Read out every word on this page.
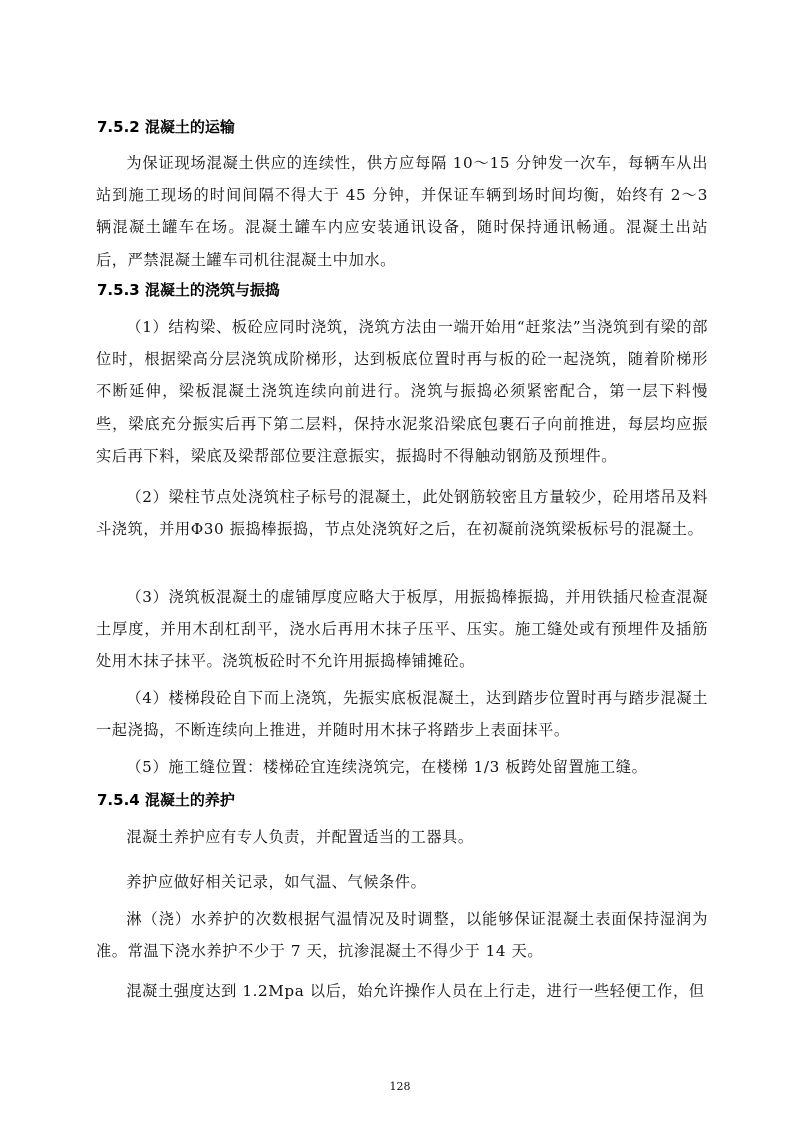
7.5.2 混凝土的运输

为保证现场混凝土供应的连续性，供方应每隔 10～15 分钟发一次车，每辆车从出站到施工现场的时间间隔不得大于 45 分钟，并保证车辆到场时间均衡，始终有 2～3 辆混凝土罐车在场。混凝土罐车内应安装通讯设备，随时保持通讯畅通。混凝土出站后，严禁混凝土罐车司机往混凝土中加水。

7.5.3 混凝土的浇筑与振捣

（1）结构梁、板砼应同时浇筑，浇筑方法由一端开始用“赶浆法”当浇筑到有梁的部位时，根据梁高分层浇筑成阶梯形，达到板底位置时再与板的砼一起浇筑，随着阶梯形不断延伸，梁板混凝土浇筑连续向前进行。浇筑与振捣必须紧密配合，第一层下料慢些，梁底充分振实后再下第二层料，保持水泥浆沿梁底包裹石子向前推进，每层均应振实后再下料，梁底及梁帮部位要注意振实，振捣时不得触动钢筋及预埋件。

（2）梁柱节点处浇筑柱子标号的混凝土，此处钢筋较密且方量较少，砼用塔吊及料斗浇筑，并用Φ30 振捣棒振捣，节点处浇筑好之后，在初凝前浇筑梁板标号的混凝土。

（3）浇筑板混凝土的虚铺厚度应略大于板厚，用振捣棒振捣，并用铁插尺检查混凝土厚度，并用木刮杠刮平，浇水后再用木抹子压平、压实。施工缝处或有预埋件及插筋处用木抹子抹平。浇筑板砼时不允许用振捣棒铺摊砼。

（4）楼梯段砼自下而上浇筑，先振实底板混凝土，达到踏步位置时再与踏步混凝土一起浇捣，不断连续向上推进，并随时用木抹子将踏步上表面抹平。

（5）施工缝位置：楼梯砼宜连续浇筑完，在楼梯 1/3 板跨处留置施工缝。

7.5.4 混凝土的养护

混凝土养护应有专人负责，并配置适当的工器具。

养护应做好相关记录，如气温、气候条件。

淋（浇）水养护的次数根据气温情况及时调整，以能够保证混凝土表面保持湿润为准。常温下浇水养护不少于 7 天，抗渗混凝土不得少于 14 天。

混凝土强度达到 1.2Mpa 以后，始允许操作人员在上行走，进行一些轻便工作，但

128
